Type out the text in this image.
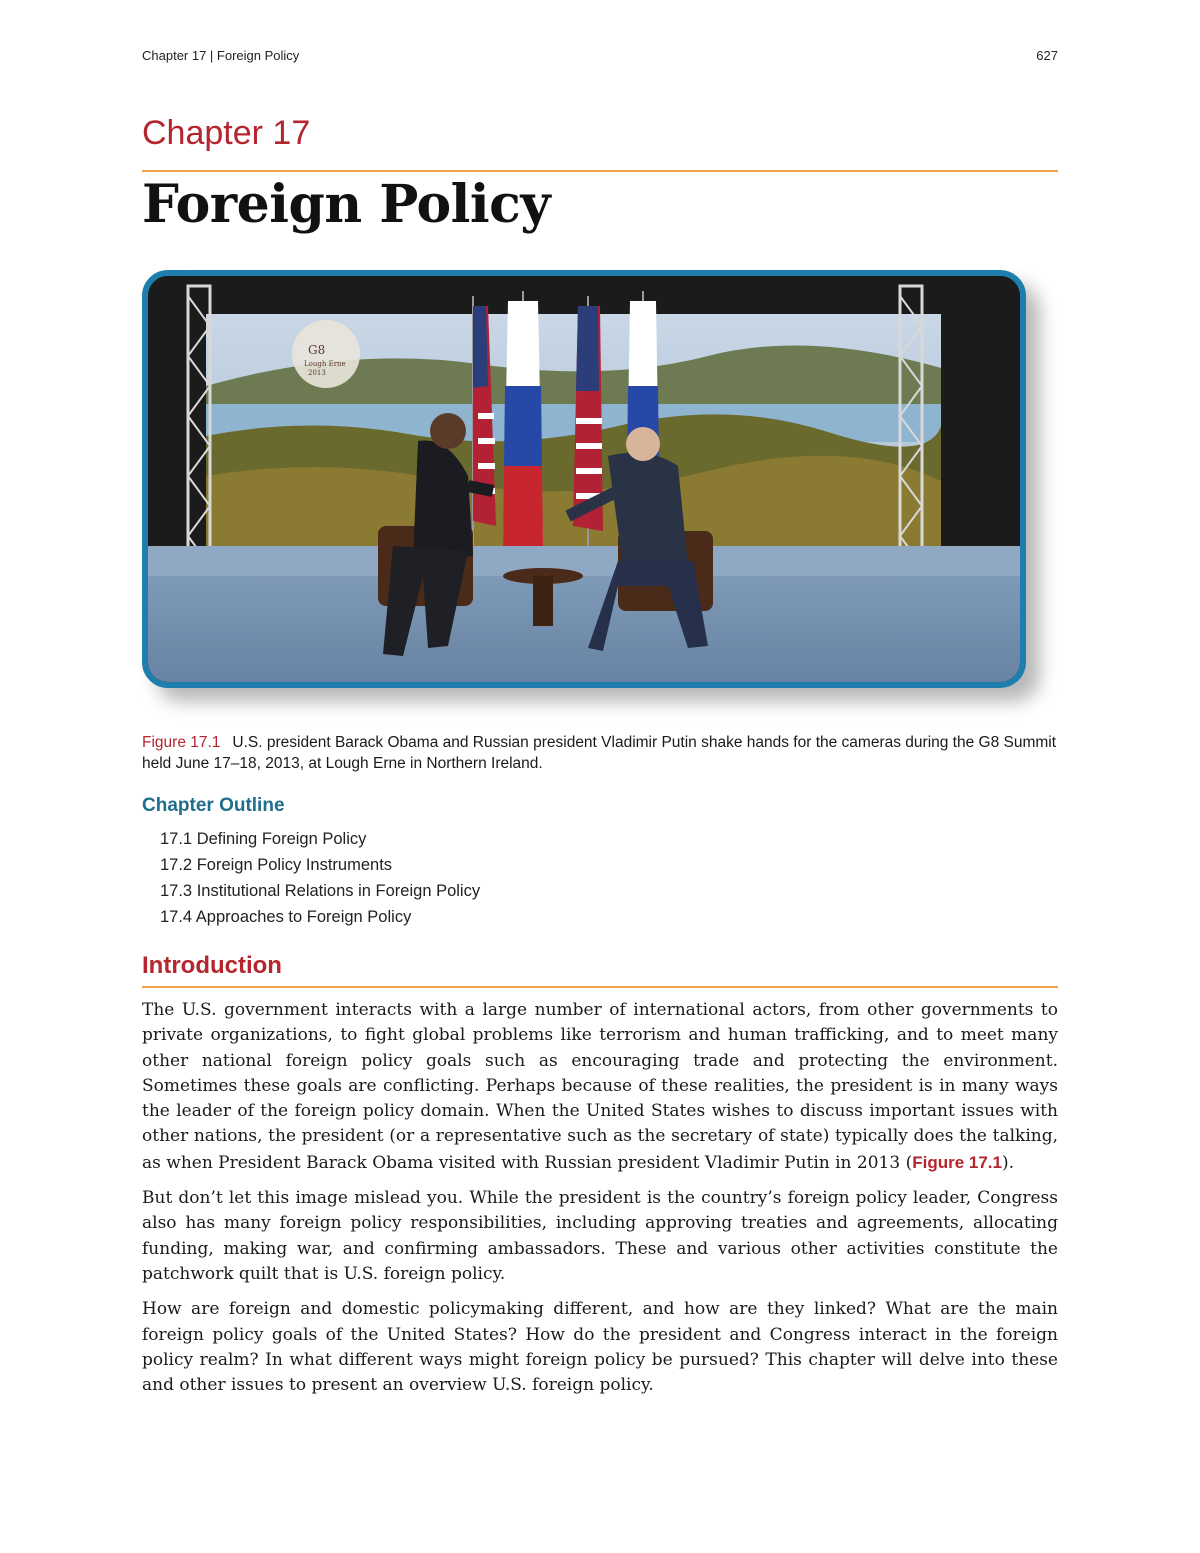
Chapter 17 | Foreign Policy	627
Chapter 17
Foreign Policy
G8
Lough Erne
2013

Figure 17.1 U.S. president Barack Obama and Russian president Vladimir Putin shake hands for the cameras during the G8 Summit held June 17–18, 2013, at Lough Erne in Northern Ireland.

Chapter Outline
17.1 Defining Foreign Policy
17.2 Foreign Policy Instruments
17.3 Institutional Relations in Foreign Policy
17.4 Approaches to Foreign Policy
Introduction

The U.S. government interacts with a large number of international actors, from other governments to private organizations, to fight global problems like terrorism and human trafficking, and to meet many other national foreign policy goals such as encouraging trade and protecting the environment. Sometimes these goals are conflicting. Perhaps because of these realities, the president is in many ways the leader of the foreign policy domain. When the United States wishes to discuss important issues with other nations, the president (or a representative such as the secretary of state) typically does the talking, as when President Barack Obama visited with Russian president Vladimir Putin in 2013 (Figure 17.1).

But don’t let this image mislead you. While the president is the country’s foreign policy leader, Congress also has many foreign policy responsibilities, including approving treaties and agreements, allocating funding, making war, and confirming ambassadors. These and various other activities constitute the patchwork quilt that is U.S. foreign policy.

How are foreign and domestic policymaking different, and how are they linked? What are the main foreign policy goals of the United States? How do the president and Congress interact in the foreign policy realm? In what different ways might foreign policy be pursued? This chapter will delve into these and other issues to present an overview U.S. foreign policy.
